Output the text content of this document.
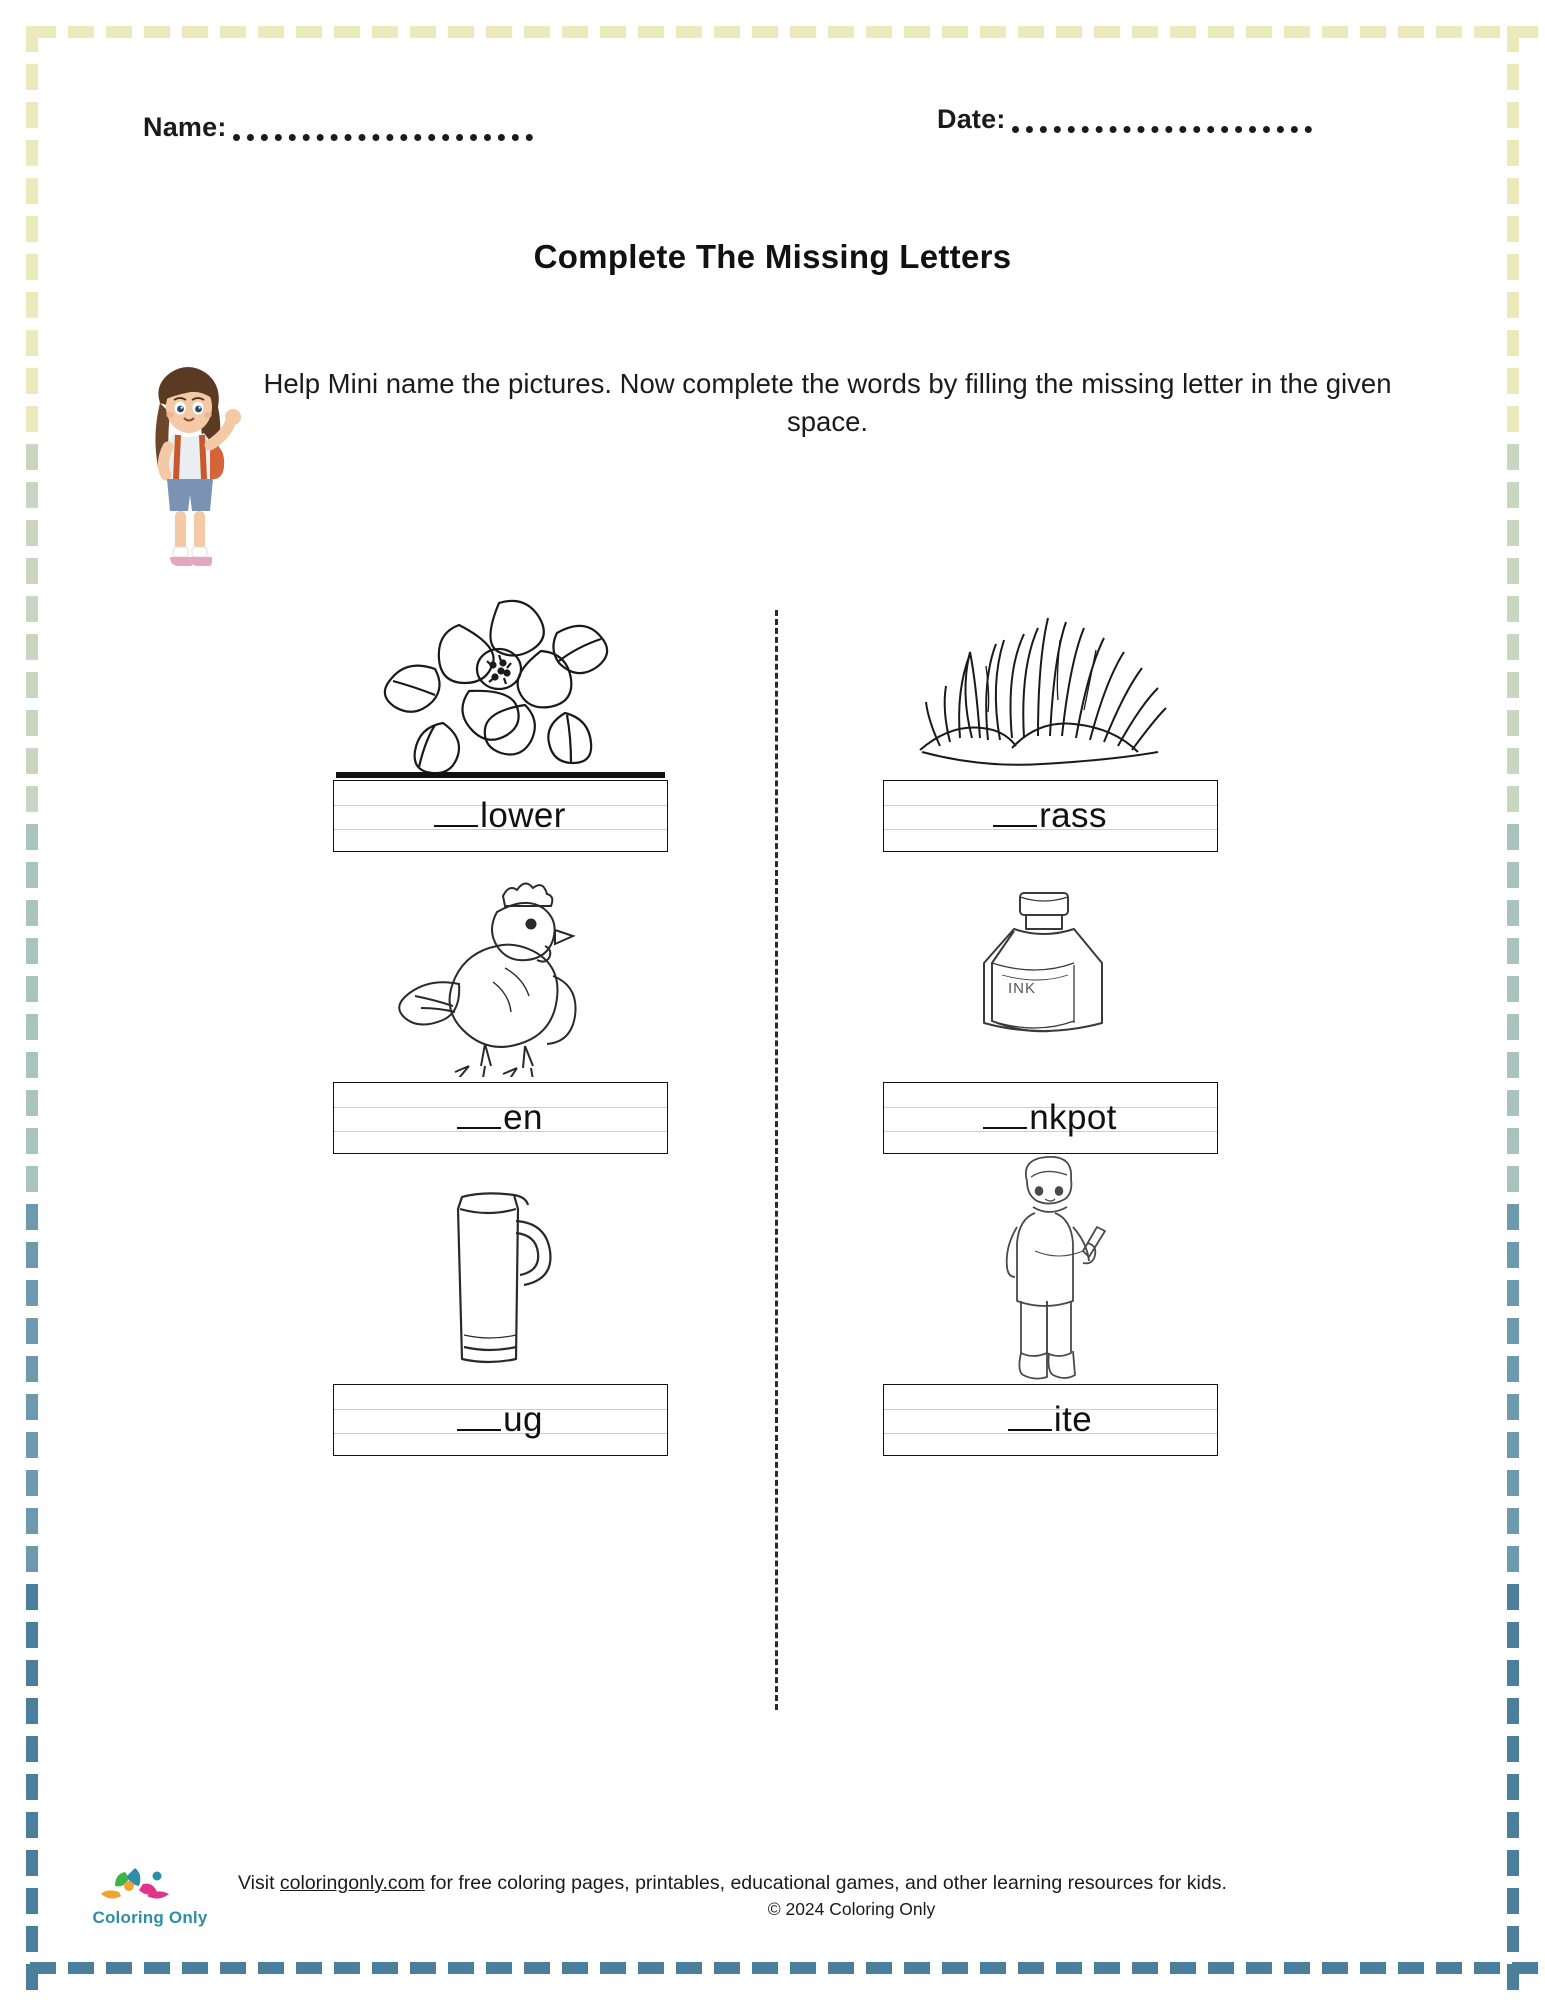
Name:	Date:
Complete The Missing Letters
Help Mini name the pictures. Now complete the words by filling the missing letter in the given space.
lower
en
ug
rass
INK
nkpot
ite
Coloring Only
Visit coloringonly.com for free coloring pages, printables, educational games, and other learning resources for kids.
© 2024 Coloring Only
